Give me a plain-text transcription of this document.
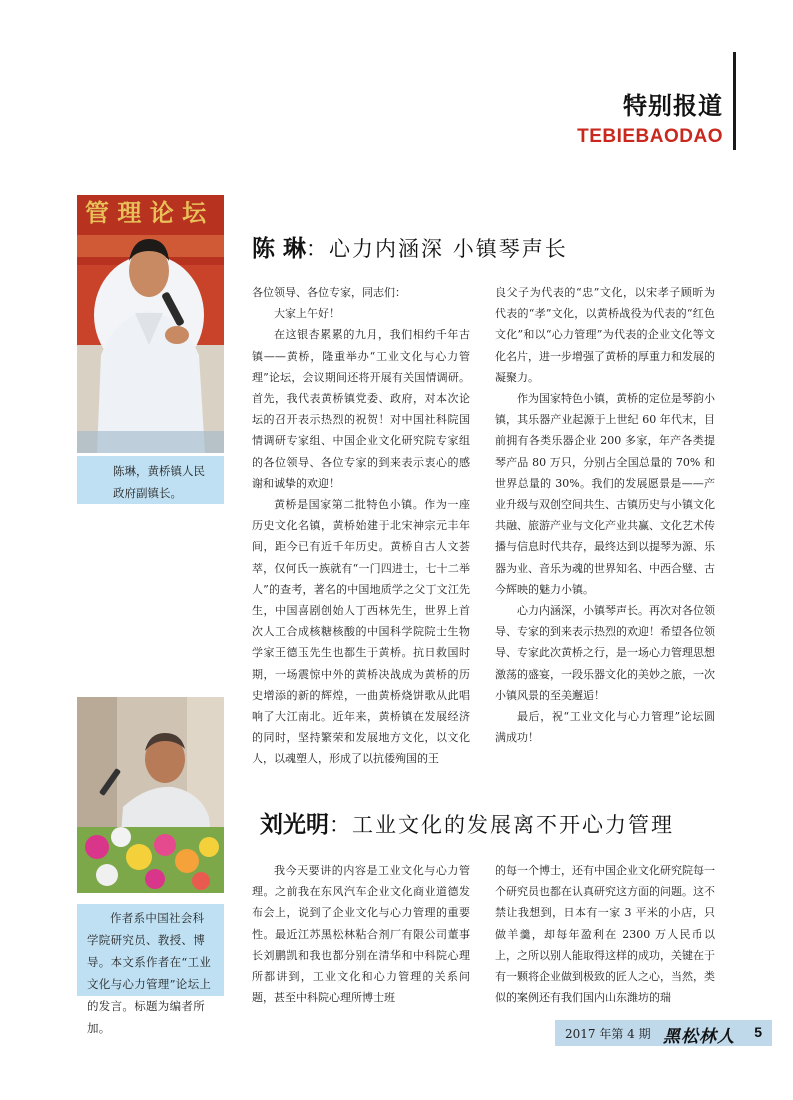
特别报道
TEBIEBAODAO
管 理 论 坛
陈琳，黄桥镇人民政府副镇长。
陈 琳：心力内涵深 小镇琴声长

各位领导、各位专家，同志们：

大家上午好！

在这银杏累累的九月，我们相约千年古镇——黄桥，隆重举办“工业文化与心力管理”论坛，会议期间还将开展有关国情调研。首先，我代表黄桥镇党委、政府，对本次论坛的召开表示热烈的祝贺！对中国社科院国情调研专家组、中国企业文化研究院专家组的各位领导、各位专家的到来表示衷心的感谢和诚挚的欢迎！

黄桥是国家第二批特色小镇。作为一座历史文化名镇，黄桥始建于北宋神宗元丰年间，距今已有近千年历史。黄桥自古人文荟萃，仅何氏一族就有“一门四进士，七十二举人”的查考，著名的中国地质学之父丁文江先生，中国喜剧创始人丁西林先生，世界上首次人工合成核糖核酸的中国科学院院士生物学家王德玉先生也都生于黄桥。抗日救国时期，一场震惊中外的黄桥决战成为黄桥的历史增添的新的辉煌，一曲黄桥烧饼歌从此唱响了大江南北。近年来，黄桥镇在发展经济的同时，坚持繁荣和发展地方文化，以文化人，以魂塑人，形成了以抗倭殉国的王

良父子为代表的“忠”文化，以宋孝子顾昕为代表的“孝”文化，以黄桥战役为代表的“红色文化”和以“心力管理”为代表的企业文化等文化名片，进一步增强了黄桥的厚重力和发展的凝聚力。

作为国家特色小镇，黄桥的定位是琴韵小镇，其乐器产业起源于上世纪 60 年代末，目前拥有各类乐器企业 200 多家，年产各类提琴产品 80 万只，分别占全国总量的 70% 和世界总量的 30%。我们的发展愿景是——产业升级与双创空间共生、古镇历史与小镇文化共融、旅游产业与文化产业共赢、文化艺术传播与信息时代共存，最终达到以提琴为源、乐器为业、音乐为魂的世界知名、中西合璧、古今辉映的魅力小镇。

心力内涵深，小镇琴声长。再次对各位领导、专家的到来表示热烈的欢迎！希望各位领导、专家此次黄桥之行，是一场心力管理思想激荡的盛宴，一段乐器文化的美妙之旅，一次小镇风景的至美邂逅！

最后，祝“工业文化与心力管理”论坛圆满成功！

作者系中国社会科学院研究员、教授、博导。本文系作者在“工业文化与心力管理”论坛上的发言。标题为编者所加。
刘光明：工业文化的发展离不开心力管理

我今天要讲的内容是工业文化与心力管理。之前我在东风汽车企业文化商业道德发布会上，说到了企业文化与心力管理的重要性。最近江苏黑松林粘合剂厂有限公司董事长刘鹏凯和我也都分别在清华和中科院心理所都讲到，工业文化和心力管理的关系问题，甚至中科院心理所博士班

的每一个博士，还有中国企业文化研究院每一个研究员也都在认真研究这方面的问题。这不禁让我想到，日本有一家 3 平米的小店，只做羊羹，却每年盈利在 2300 万人民币以上，之所以别人能取得这样的成功，关键在于有一颗将企业做到极致的匠人之心，当然，类似的案例还有我们国内山东潍坊的瑞

2017 年第 4 期 黑松林人 5
